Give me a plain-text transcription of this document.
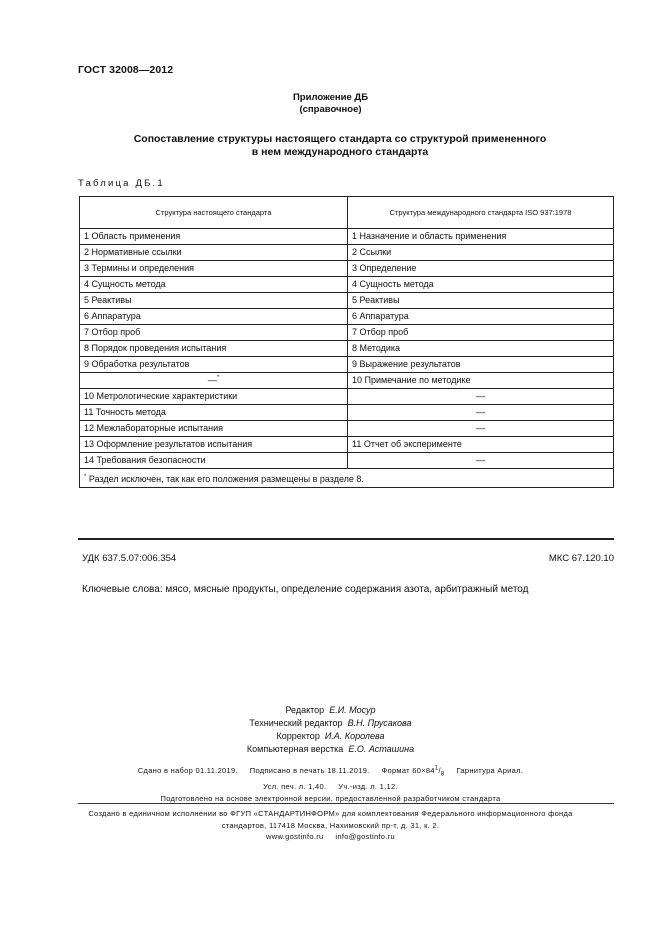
ГОСТ 32008—2012
Приложение ДБ
(справочное)
Сопоставление структуры настоящего стандарта со структурой примененного
в нем международного стандарта
Таблица ДБ.1
Структура настоящего стандарта	Структура международного стандарта ISO 937:1978
1 Область применения	1 Назначение и область применения
2 Нормативные ссылки	2 Ссылки
3 Термины и определения	3 Определение
4 Сущность метода	4 Сущность метода
5 Реактивы	5 Реактивы
6 Аппаратура	6 Аппаратура
7 Отбор проб	7 Отбор проб
8 Порядок проведения испытания	8 Методика
9 Обработка результатов	9 Выражение результатов
—*	10 Примечание по методике
10 Метрологические характеристики	—
11 Точность метода	—
12 Межлабораторные испытания	—
13 Оформление результатов испытания	11 Отчет об эксперименте
14 Требования безопасности	—
* Раздел исключен, так как его положения размещены в разделе 8.	
УДК 637.5.07:006.354	МКС 67.120.10
Ключевые слова: мясо, мясные продукты, определение содержания азота, арбитражный метод
Редактор Е.И. Мосур
Технический редактор В.Н. Прусакова
Корректор И.А. Королева
Компьютерная верстка Е.О. Асташина
Сдано в набор 01.11.2019.     Подписано в печать 18.11.2019.     Формат $60\times 84^1/_8$     Гарнитура Ариал.
Усл. печ. л. 1,40.     Уч.-изд. л. 1,12.
Подготовлено на основе электронной версии, предоставленной разработчиком стандарта
Создано в единичном исполнении во ФГУП «СТАНДАРТИНФОРМ» для комплектования Федерального информационного фонда
стандартов, 117418 Москва, Нахимовский пр-т, д. 31, к. 2.
www.gostinfo.ru     info@gostinfo.ru
